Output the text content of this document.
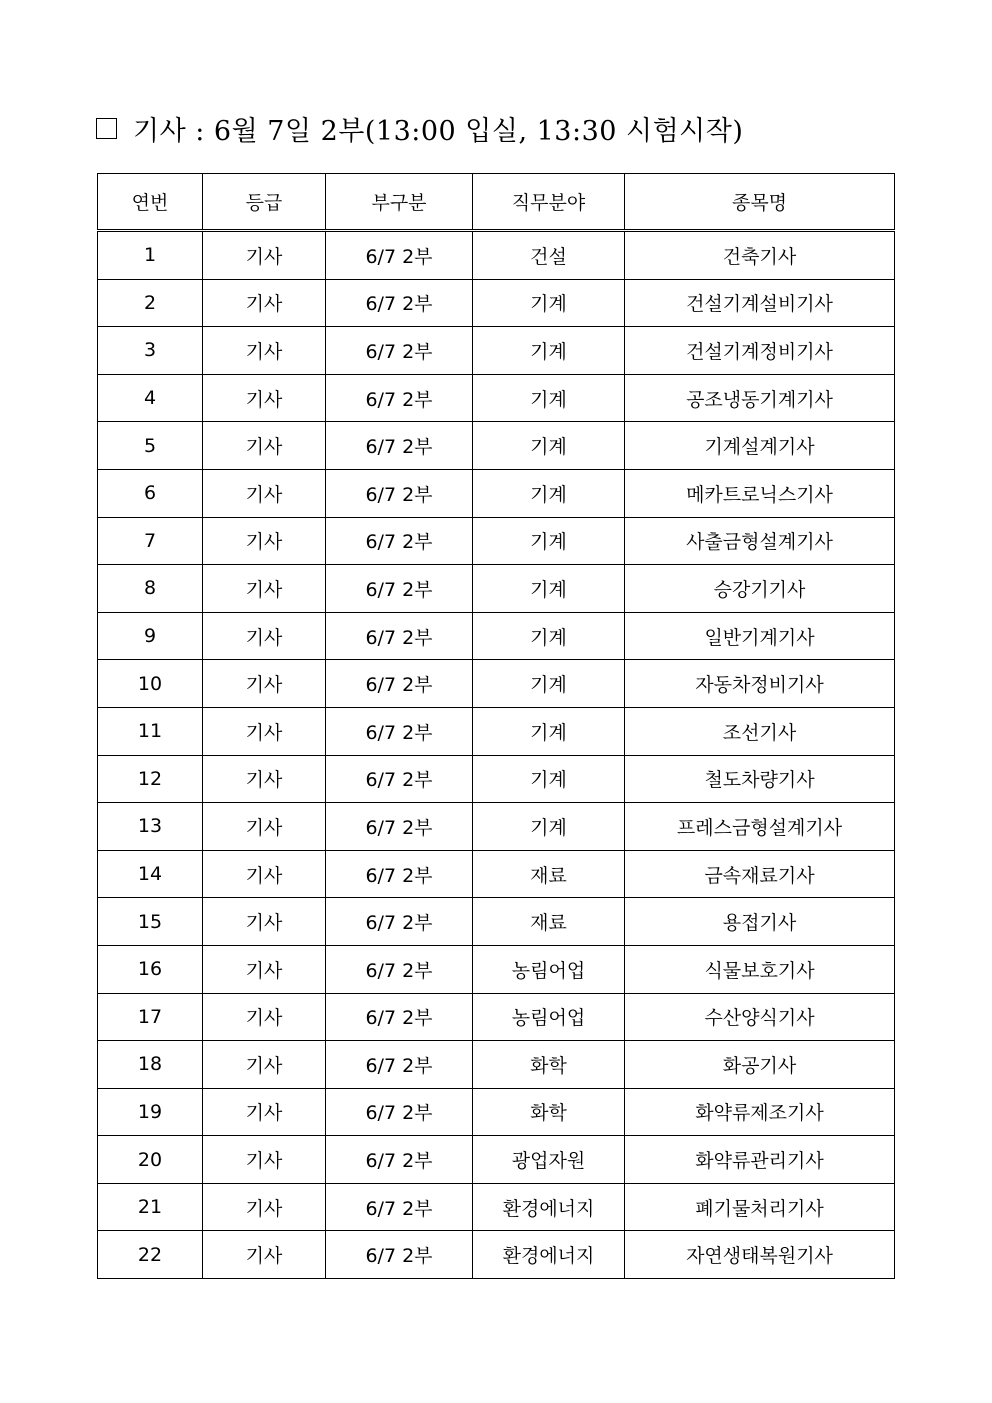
기사 : 6월 7일 2부(13:00 입실, 13:30 시험시작)
연번	등급	부구분	직무분야	종목명
1	기사	6/7 2부	건설	건축기사
2	기사	6/7 2부	기계	건설기계설비기사
3	기사	6/7 2부	기계	건설기계정비기사
4	기사	6/7 2부	기계	공조냉동기계기사
5	기사	6/7 2부	기계	기계설계기사
6	기사	6/7 2부	기계	메카트로닉스기사
7	기사	6/7 2부	기계	사출금형설계기사
8	기사	6/7 2부	기계	승강기기사
9	기사	6/7 2부	기계	일반기계기사
10	기사	6/7 2부	기계	자동차정비기사
11	기사	6/7 2부	기계	조선기사
12	기사	6/7 2부	기계	철도차량기사
13	기사	6/7 2부	기계	프레스금형설계기사
14	기사	6/7 2부	재료	금속재료기사
15	기사	6/7 2부	재료	용접기사
16	기사	6/7 2부	농림어업	식물보호기사
17	기사	6/7 2부	농림어업	수산양식기사
18	기사	6/7 2부	화학	화공기사
19	기사	6/7 2부	화학	화약류제조기사
20	기사	6/7 2부	광업자원	화약류관리기사
21	기사	6/7 2부	환경에너지	폐기물처리기사
22	기사	6/7 2부	환경에너지	자연생태복원기사
